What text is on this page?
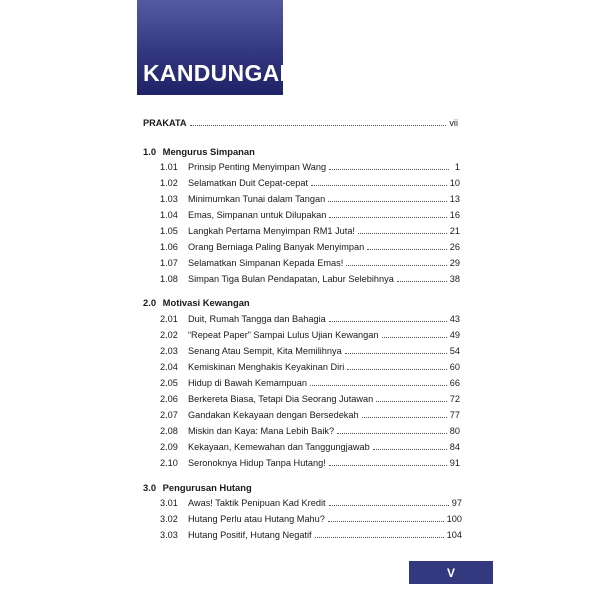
KANDUNGAN
PRAKATA	vii
1.0 Mengurus Simpanan
1.01	Prinsip Penting Menyimpan Wang	1
1.02	Selamatkan Duit Cepat-cepat	10
1.03	Minimumkan Tunai dalam Tangan	13
1.04	Emas, Simpanan untuk Dilupakan	16
1.05	Langkah Pertama Menyimpan RM1 Juta!	21
1.06	Orang Berniaga Paling Banyak Menyimpan	26
1.07	Selamatkan Simpanan Kepada Emas!	29
1.08	Simpan Tiga Bulan Pendapatan, Labur Selebihnya	38
2.0 Motivasi Kewangan
2.01	Duit, Rumah Tangga dan Bahagia	43
2.02	“Repeat Paper” Sampai Lulus Ujian Kewangan	49
2.03	Senang Atau Sempit, Kita Memilihnya	54
2.04	Kemiskinan Menghakis Keyakinan Diri	60
2.05	Hidup di Bawah Kemampuan	66
2.06	Berkereta Biasa, Tetapi Dia Seorang Jutawan	72
2.07	Gandakan Kekayaan dengan Bersedekah	77
2.08	Miskin dan Kaya: Mana Lebih Baik?	80
2.09	Kekayaan, Kemewahan dan Tanggungjawab	84
2.10	Seronoknya Hidup Tanpa Hutang!	91
3.0 Pengurusan Hutang
3.01	Awas! Taktik Penipuan Kad Kredit	97
3.02	Hutang Perlu atau Hutang Mahu?	100
3.03	Hutang Positif, Hutang Negatif	104
V
